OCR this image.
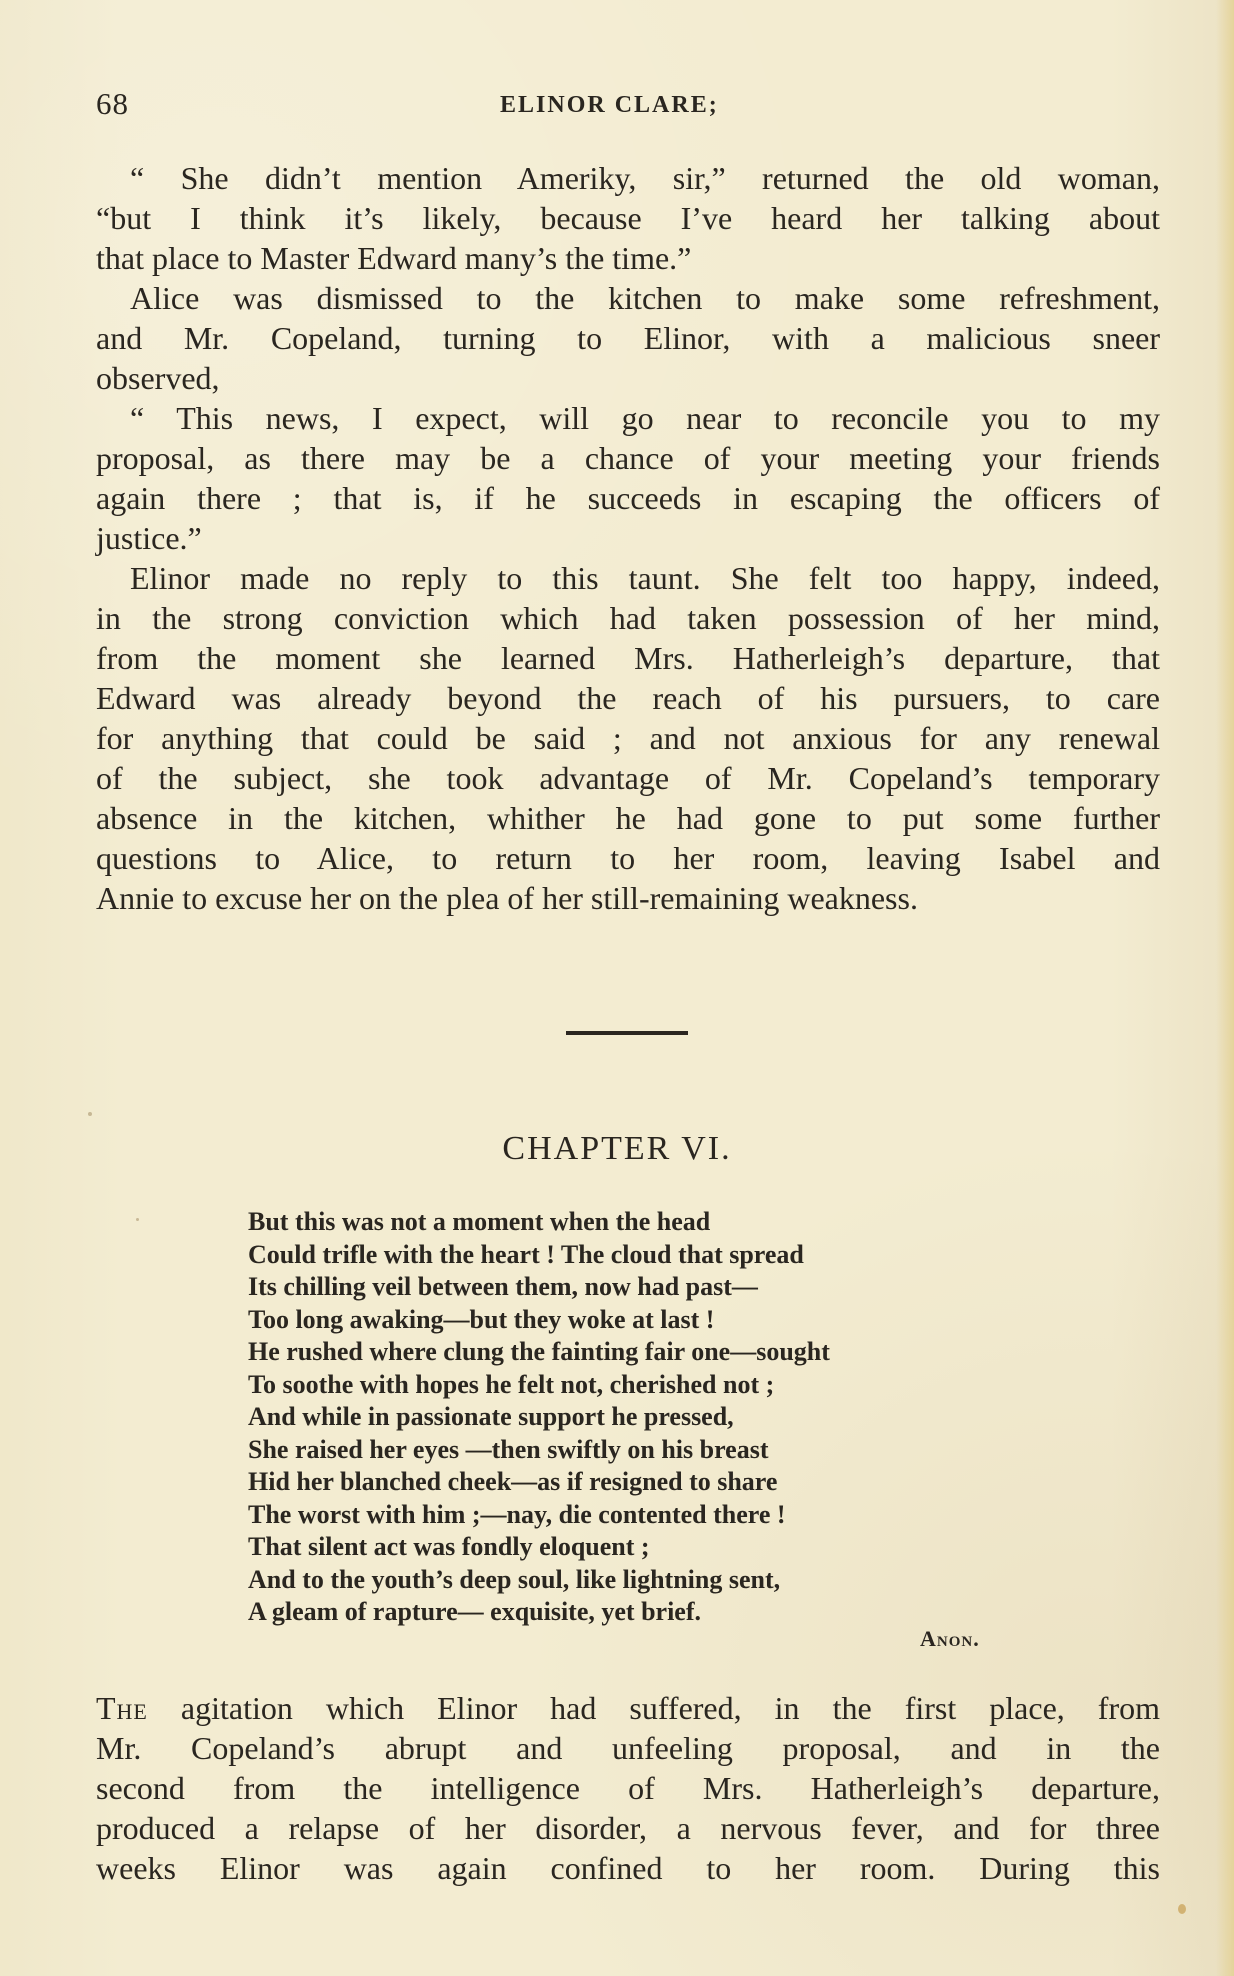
68	ELINOR CLARE;
“ She didn’t mention Ameriky, sir,” returned the old woman,
“but I think it’s likely, because I’ve heard her talking about
that place to Master Edward many’s the time.”
Alice was dismissed to the kitchen to make some refreshment,
and Mr. Copeland, turning to Elinor, with a malicious sneer
observed,
“ This news, I expect, will go near to reconcile you to my
proposal, as there may be a chance of your meeting your friends
again there ; that is, if he succeeds in escaping the officers of
justice.”
Elinor made no reply to this taunt. She felt too happy, indeed,
in the strong conviction which had taken possession of her mind,
from the moment she learned Mrs. Hatherleigh’s departure, that
Edward was already beyond the reach of his pursuers, to care
for anything that could be said ; and not anxious for any renewal
of the subject, she took advantage of Mr. Copeland’s temporary
absence in the kitchen, whither he had gone to put some further
questions to Alice, to return to her room, leaving Isabel and
Annie to excuse her on the plea of her still-remaining weakness.
CHAPTER VI.
But this was not a moment when the head
Could trifle with the heart ! The cloud that spread
Its chilling veil between them, now had past—
Too long awaking—but they woke at last !
He rushed where clung the fainting fair one—sought
To soothe with hopes he felt not, cherished not ;
And while in passionate support he pressed,
She raised her eyes —then swiftly on his breast
Hid her blanched cheek—as if resigned to share
The worst with him ;—nay, die contented there !
That silent act was fondly eloquent ;
And to the youth’s deep soul, like lightning sent,
A gleam of rapture— exquisite, yet brief.
Anon.
The agitation which Elinor had suffered, in the first place, from
Mr. Copeland’s abrupt and unfeeling proposal, and in the
second from the intelligence of Mrs. Hatherleigh’s departure,
produced a relapse of her disorder, a nervous fever, and for three
weeks Elinor was again confined to her room. During this
